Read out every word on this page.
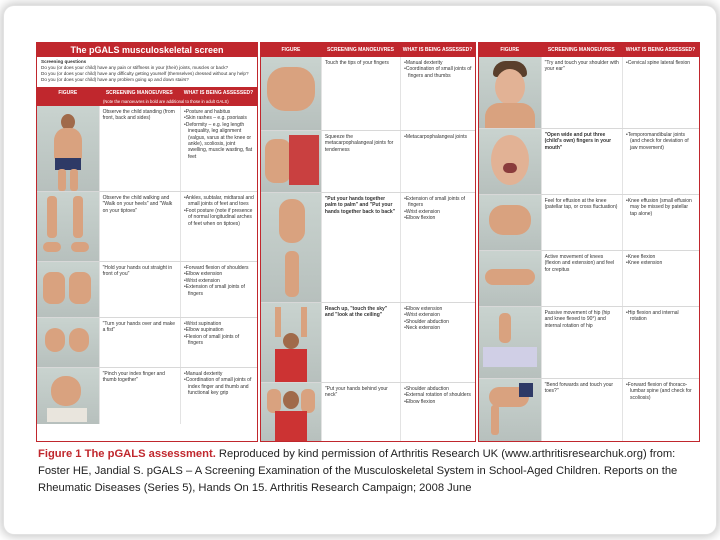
The pGALS musculoskeletal screen
Screening questions
Do you (or does your child) have any pain or stiffness in your (their) joints, muscles or back?
Do you (or does your child) have any difficulty getting yourself (themselves) dressed without any help?
Do you (or does your child) have any problem going up and down stairs?
FIGURE	SCREENING MANOEUVRES	WHAT IS BEING ASSESSED?
(Note the manoeuvres in bold are additional to those in adult GALS)
Observe the child standing (from front, back and sides)
• Posture and habitus
• Skin rashes – e.g. psoriasis
• Deformity – e.g. leg length inequality, leg alignment (valgus, varus at the knee or ankle), scoliosis, joint swelling, muscle wasting, flat feet
Observe the child walking and "Walk on your heels" and "Walk on your tiptoes"
• Ankles, subtalar, midtarsal and small joints of feet and toes
• Foot posture (note if presence of normal longitudinal arches of feet when on tiptoes)
"Hold your hands out straight in front of you"
• Forward flexion of shoulders
• Elbow extension
• Wrist extension
• Extension of small joints of fingers
"Turn your hands over and make a fist"
• Wrist supination
• Elbow supination
• Flexion of small joints of fingers
"Pinch your index finger and thumb together"
• Manual dexterity
• Coordination of small joints of index finger and thumb and functional key grip
FIGURE	SCREENING MANOEUVRES	WHAT IS BEING ASSESSED?
Touch the tips of your fingers
•	Manual dexterity
• Coordination of small joints of fingers and thumbs
Squeeze the metacarpophalangeal joints for tenderness
• Metacarpophalangeal joints
"Put your hands together palm to palm" and "Put your hands together back to back"
• Extension of small joints of fingers
• Wrist extension
• Elbow flexion
Reach up, "touch the sky" and "look at the ceiling"
• Elbow extension
• Wrist extension
• Shoulder abduction
• Neck extension
"Put your hands behind your neck"
• Shoulder abduction
• External rotation of shoulders
• Elbow flexion
FIGURE	SCREENING MANOEUVRES	WHAT IS BEING ASSESSED?
"Try and touch your shoulder with your ear"
• Cervical spine lateral flexion
"Open wide and put three (child's own) fingers in your mouth"
• Temporomandibular joints (and check for deviation of jaw movement)
Feel for effusion at the knee (patellar tap, or cross fluctuation)
• Knee effusion (small effusion may be missed by patellar tap alone)
Active movement of knees (flexion and extension) and feel for crepitus
• Knee flexion
• Knee extension
Passive movement of hip (hip and knee flexed to 90°) and internal rotation of hip
• Hip flexion and internal rotation
"Bend forwards and touch your toes?"
• Forward flexion of thoraco-lumbar spine (and check for scoliosis)
Figure 1 The pGALS assessment. Reproduced by kind permission of Arthritis Research UK (www.arthritisresearchuk.org) from: Foster HE, Jandial S. pGALS – A Screening Examination of the Musculoskeletal System in School-Aged Children. Reports on the Rheumatic Diseases (Series 5), Hands On 15. Arthritis Research Campaign; 2008 June
